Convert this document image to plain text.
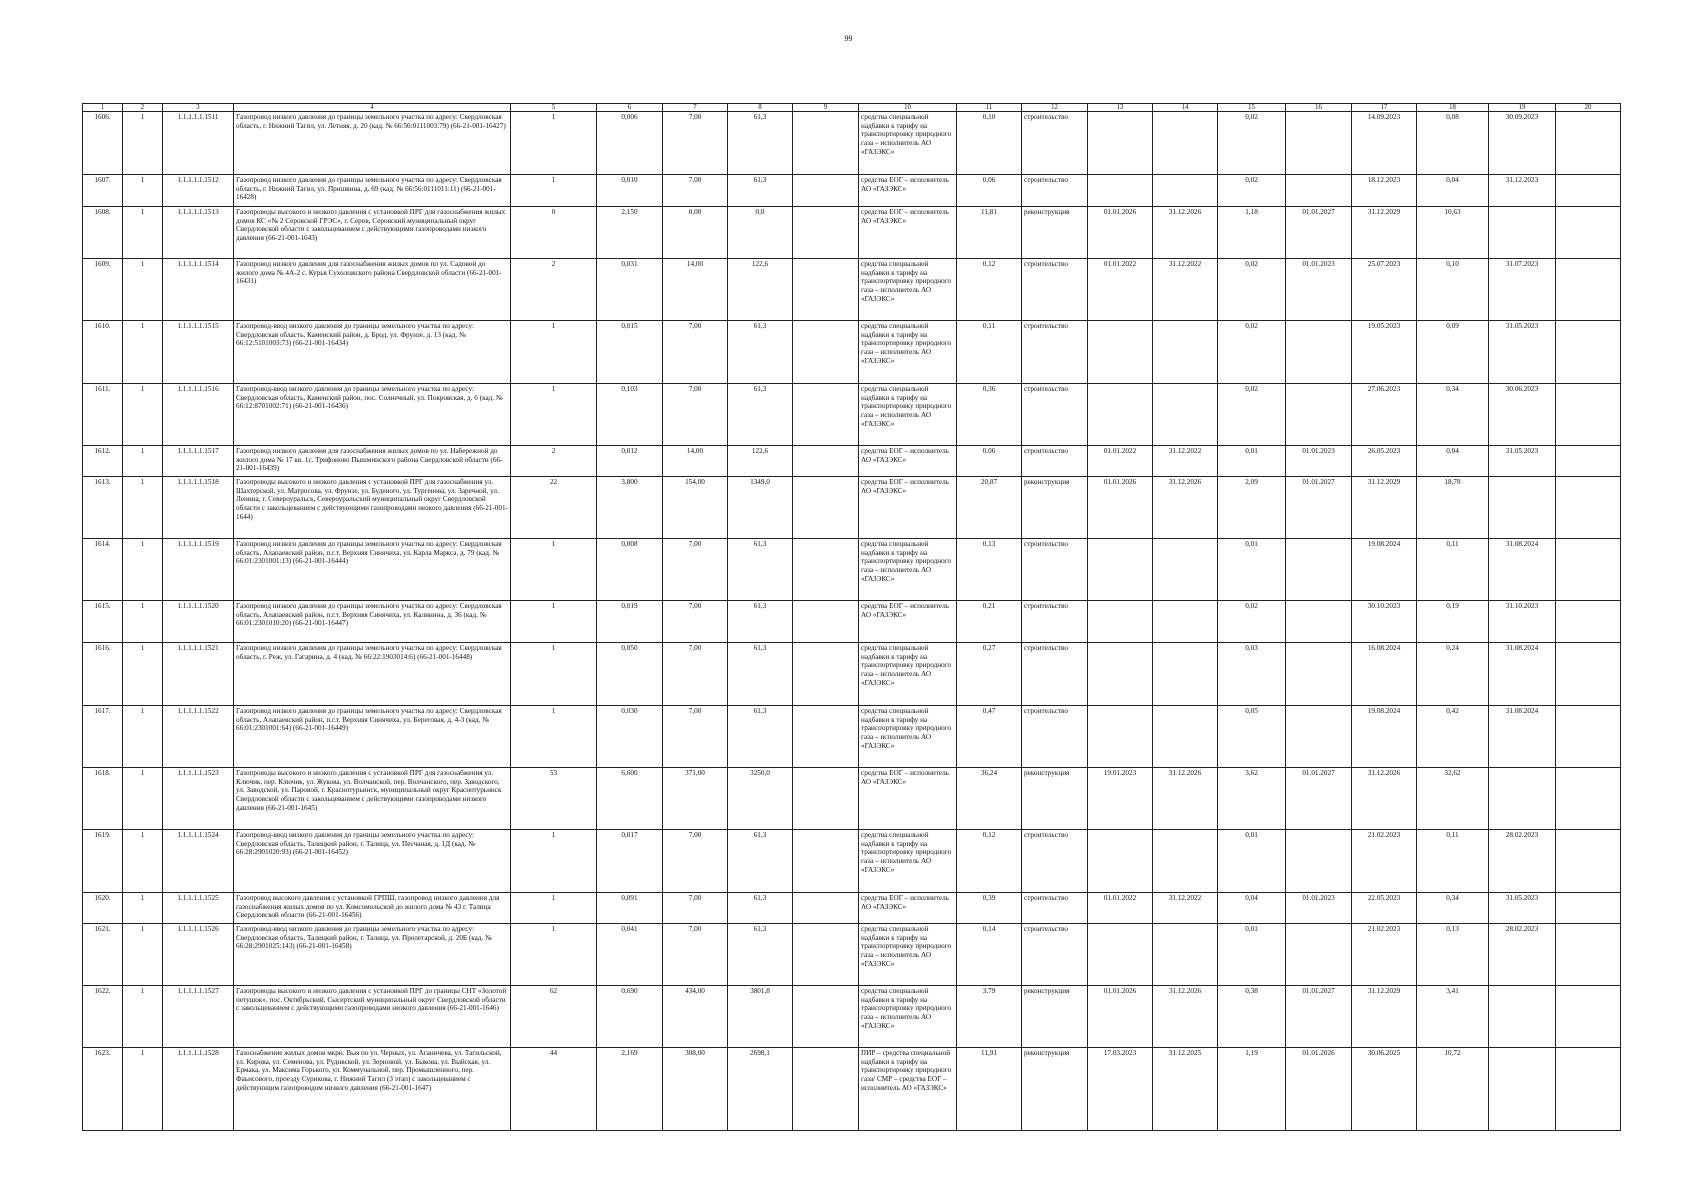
99
1	2	3	4	5	6	7	8	9	10	11	12	13	14	15	16	17	18	19	20
1606.	1	1.1.1.1.1.1511	Газопровод низкого давления до границы земельного участка по адресу: Свердловская область, г. Нижний Тагил, ул. Летняя, д. 20 (кад. № 66:56:0111003:79) (66-21-001-16427)	1	0,006	7,00	61,3		средства специальной надбавки к тарифу на транспортировку природного газа – исполнитель АО «ГАЗЭКС»	0,10	строительство			0,02		14.09.2023	0,08	30.09.2023	
1607.	1	1.1.1.1.1.1512	Газопровод низкого давления до границы земельного участка по адресу: Свердловская область, г. Нижний Тагил, ул. Пришвина, д. 69 (кад. № 66:56:0111011:11) (66-21-001-16428)	1	0,010	7,00	61,3		средства ЕОГ – исполнитель АО «ГАЗЭКС»	0,06	строительство			0,02		18.12.2023	0,04	31.12.2023	
1608.	1	1.1.1.1.1.1513	Газопроводы высокого и низкого давления с установкой ПРГ для газоснабжения жилых домов КС «№ 2 Серовской ГРЭС», г. Серов, Серовский муниципальный округ Свердловской области с закольцеванием с действующими газопроводами низкого давления (66-21-001-1643)	0	2,150	0,00	0,0		средства ЕОГ – исполнитель АО «ГАЗЭКС»	11,81	реконструкция	01.01.2026	31.12.2026	1,18	01.01.2027	31.12.2029	10,63		
1609.	1	1.1.1.1.1.1514	Газопровод низкого давления для газоснабжения жилых домов по ул. Садовой до жилого дома № 4А-2 с. Курья Сухоложского района Свердловской области (66-21-001-16431)	2	0,031	14,00	122,6		средства специальной надбавки к тарифу на транспортировку природного газа – исполнитель АО «ГАЗЭКС»	0,12	строительство	01.01.2022	31.12.2022	0,02	01.01.2023	25.07.2023	0,10	31.07.2023	
1610.	1	1.1.1.1.1.1515	Газопровод-ввод низкого давления до границы земельного участка по адресу: Свердловская область, Каменский район, д. Брод, ул. Фрунзе, д. 13 (кад. № 66:12:5101003:73) (66-21-001-16434)	1	0,015	7,00	61,3		средства специальной надбавки к тарифу на транспортировку природного газа – исполнитель АО «ГАЗЭКС»	0,11	строительство			0,02		19.05.2023	0,09	31.05.2023	
1611.	1	1.1.1.1.1.1516	Газопровод-ввод низкого давления до границы земельного участка по адресу: Свердловская область, Каменский район, пос. Солнечный, ул. Покровская, д. 6 (кад. № 66:12:8701002:71) (66-21-001-16436)	1	0,103	7,00	61,3		средства специальной надбавки к тарифу на транспортировку природного газа – исполнитель АО «ГАЗЭКС»	0,36	строительство			0,02		27.06.2023	0,34	30.06.2023	
1612.	1	1.1.1.1.1.1517	Газопровод низкого давления для газоснабжения жилых домов по ул. Набережной до жилого дома № 17 кв. 1с. Трифоново Пышминского района Свердловской области (66-21-001-16439)	2	0,012	14,00	122,6		средства ЕОГ – исполнитель АО «ГАЗЭКС»	0,06	строительство	01.01.2022	31.12.2022	0,01	01.01.2023	26.05.2023	0,04	31.05.2023	
1613.	1	1.1.1.1.1.1518	Газопроводы высокого и низкого давления с установкой ПРГ для газоснабжения ул. Шахтерской, ул. Матросова, ул. Фрунзе, ул. Буденого, ул. Тургенева, ул. Заречной, ул. Ленина, г. Североуральск, Североуральский муниципальный округ Свердловской области с закольцеванием с действующими газопроводами низкого давления (66-21-001-1644)	22	3,800	154,00	1349,0		средства ЕОГ – исполнитель АО «ГАЗЭКС»	20,87	реконструкция	01.01.2026	31.12.2026	2,09	01.01.2027	31.12.2029	18,78		
1614.	1	1.1.1.1.1.1519	Газопровод низкого давления до границы земельного участка по адресу: Свердловская область, Алапаевский район, п.г.т. Верхняя Синячиха, ул. Карла Маркса, д. 79 (кад. № 66:01:2301001:13) (66-21-001-16444)	1	0,008	7,00	61,3		средства специальной надбавки к тарифу на транспортировку природного газа – исполнитель АО «ГАЗЭКС»	0,13	строительство			0,01		19.08.2024	0,11	31.08.2024	
1615.	1	1.1.1.1.1.1520	Газопровод низкого давления до границы земельного участка по адресу: Свердловская область, Алапаевский район, п.г.т. Верхняя Синячиха, ул. Калинина, д. 36 (кад. № 66:01:2301010:20) (66-21-001-16447)	1	0,019	7,00	61,3		средства ЕОГ – исполнитель АО «ГАЗЭКС»	0,21	строительство			0,02		30.10.2023	0,19	31.10.2023	
1616.	1	1.1.1.1.1.1521	Газопровод низкого давления до границы земельного участка по адресу: Свердловская область, г. Реж, ул. Гагарина, д. 4 (кад. № 66:22:1903014:6) (66-21-001-16448)	1	0,050	7,00	61,3		средства специальной надбавки к тарифу на транспортировку природного газа – исполнитель АО «ГАЗЭКС»	0,27	строительство			0,03		16.08.2024	0,24	31.08.2024	
1617.	1	1.1.1.1.1.1522	Газопровод низкого давления до границы земельного участка по адресу: Свердловская область, Алапаевский район, п.г.т. Верхняя Синячиха, ул. Береговая, д. 4-3 (кад. № 66:01:2301001:64) (66-21-001-16449)	1	0,030	7,00	61,3		средства специальной надбавки к тарифу на транспортировку природного газа – исполнитель АО «ГАЗЭКС»	0,47	строительство			0,05		19.08.2024	0,42	31.08.2024	
1618.	1	1.1.1.1.1.1523	Газопроводы высокого и низкого давления с установкой ПРГ для газоснабжения ул. Ключик, пер. Ключик, ул. Жукова, ул. Волчанской, пер. Волчанского, пер. Заводского, ул. Заводской, ул. Паровой, г. Краснотурьинск, муниципальный округ Краснотурьинск Свердловской области с закольцеванием с действующими газопроводами низкого давления (66-21-001-1645)	53	6,600	371,00	3250,0		средства ЕОГ – исполнитель АО «ГАЗЭКС»	36,24	реконструкция	19.01.2023	31.12.2026	3,62	01.01.2027	31.12.2026	32,62		
1619.	1	1.1.1.1.1.1524	Газопровод-ввод низкого давления до границы земельного участка по адресу: Свердловская область, Талицкий район, г. Талица, ул. Песчаная, д. 1Д (кад. № 66:28:2901020:93) (66-21-001-16452)	1	0,017	7,00	61,3		средства специальной надбавки к тарифу на транспортировку природного газа – исполнитель АО «ГАЗЭКС»	0,12	строительство			0,01		21.02.2023	0,11	28.02.2023	
1620.	1	1.1.1.1.1.1525	Газопровод высокого давления с установкой ГРПШ, газопровод низкого давления для газоснабжения жилых домов по ул. Комсомольской до жилого дома № 43 г. Талица Свердловской области (66-21-001-16456)	1	0,091	7,00	61,3		средства ЕОГ – исполнитель АО «ГАЗЭКС»	0,39	строительство	01.01.2022	31.12.2022	0,04	01.01.2023	22.05.2023	0,34	31.05.2023	
1621.	1	1.1.1.1.1.1526	Газопровод-ввод низкого давления до границы земельного участка по адресу: Свердловская область, Талицкий район, г. Талица, ул. Пролетарской, д. 20Б (кад. № 66:28:2901025:143) (66-21-001-16458)	1	0,041	7,00	61,3		средства специальной надбавки к тарифу на транспортировку природного газа – исполнитель АО «ГАЗЭКС»	0,14	строительство			0,01		21.02.2023	0,13	28.02.2023	
1622.	1	1.1.1.1.1.1527	Газопроводы высокого и низкого давления с установкой ПРГ до границы СНТ «Золотой петушок», пос. Октябрьский, Сысертский муниципальный округ Свердловской области с закольцеванием с действующими газопроводами низкого давления (66-21-001-1646)	62	0,690	434,00	3801,8		средства специальной надбавки к тарифу на транспортировку природного газа – исполнитель АО «ГАЗЭКС»	3,79	реконструкция	01.01.2026	31.12.2026	0,38	01.01.2027	31.12.2029	3,41		
1623.	1	1.1.1.1.1.1528	Газоснабжение жилых домов мкрн. Выя по ул. Черных, ул. Аганичева, ул. Тагильской, ул. Кирова, ул. Семенова, ул. Руднвской, ул. Зерновой, ул. Быкова, ул. Выйская, ул. Ермака, ул. Максима Горького, ул. Коммунальной, пер. Промышленного, пер. Фаьнсового, проезду Сурикова, г. Нижний Тагил (3 этап) с закольцеванием с действующим газопроводом низкого давления (66-21-001-1647)	44	2,169	308,00	2698,1		ПИР – средства специальной надбавки к тарифу на транспортировку природного газа/ СМР – средства ЕОГ – исполнитель АО «ГАЗЭКС»	11,91	реконструкция	17.03.2023	31.12.2025	1,19	01.01.2026	30.06.2025	10,72		
